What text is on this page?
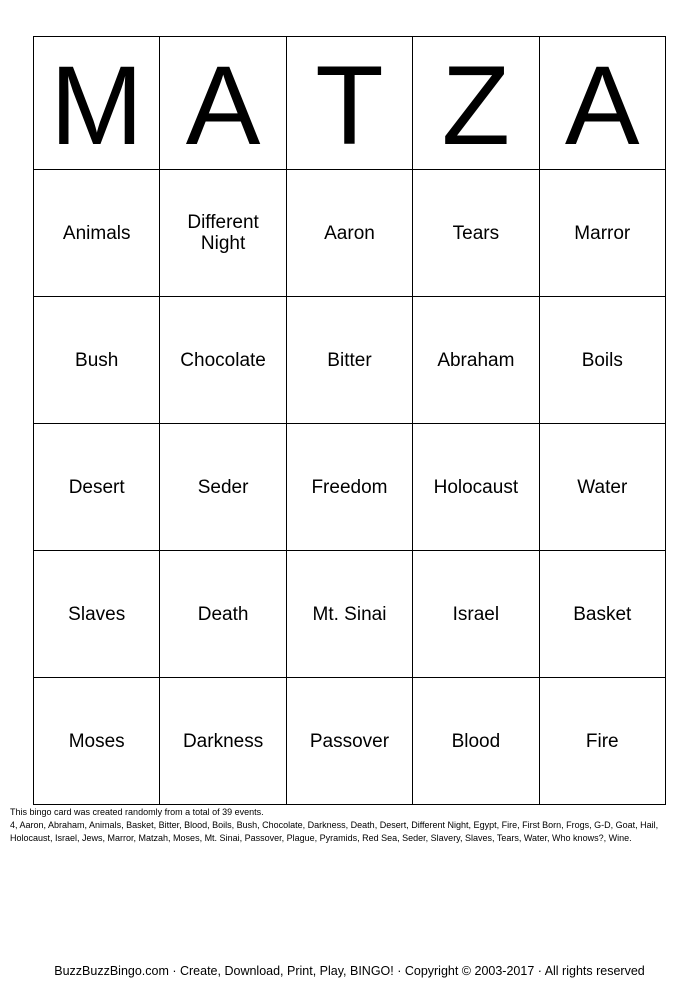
M	A	T	Z	A
Animals	Different Night	Aaron	Tears	Marror
Bush	Chocolate	Bitter	Abraham	Boils
Desert	Seder	Freedom	Holocaust	Water
Slaves	Death	Mt. Sinai	Israel	Basket
Moses	Darkness	Passover	Blood	Fire

This bingo card was created randomly from a total of 39 events.

4, Aaron, Abraham, Animals, Basket, Bitter, Blood, Boils, Bush, Chocolate, Darkness, Death, Desert, Different Night, Egypt, Fire, First Born, Frogs, G-D, Goat, Hail, Holocaust, Israel, Jews, Marror, Matzah, Moses, Mt. Sinai, Passover, Plague, Pyramids, Red Sea, Seder, Slavery, Slaves, Tears, Water, Who knows?, Wine.

BuzzBuzzBingo.com · Create, Download, Print, Play, BINGO! · Copyright © 2003-2017 · All rights reserved
